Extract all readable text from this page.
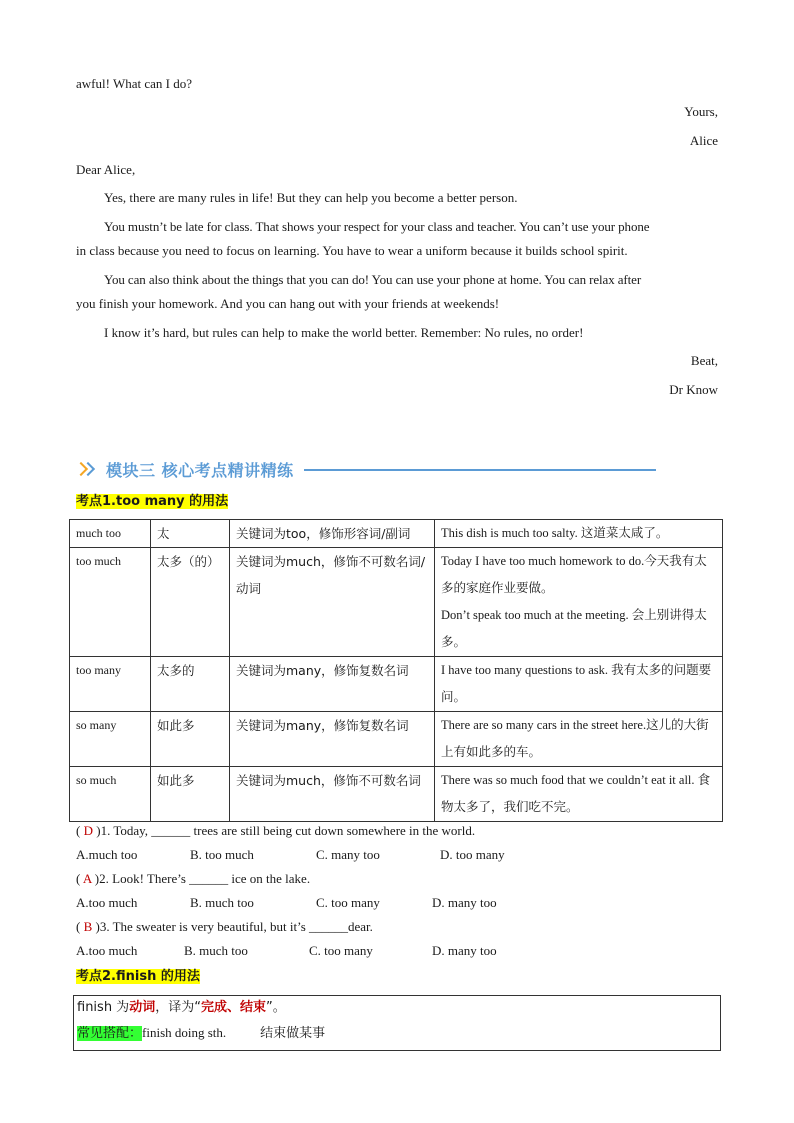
awful! What can I do?
Yours,
Alice
Dear Alice,
Yes, there are many rules in life! But they can help you become a better person.
You mustn’t be late for class. That shows your respect for your class and teacher. You can’t use your phone
in class because you need to focus on learning. You have to wear a uniform because it builds school spirit.
You can also think about the things that you can do! You can use your phone at home. You can relax after
you finish your homework. And you can hang out with your friends at weekends!
I know it’s hard, but rules can help to make the world better. Remember: No rules, no order!
Beat,
Dr Know
模块三 核心考点精讲精练
考点1.too many 的用法
much too	太	关键词为too，修饰形容词/副词	This dish is much too salty. 这道菜太咸了。
too much	太多（的）	关键词为much，修饰不可数名词/动词	Today I have too much homework to do.今天我有太多的家庭作业要做。
Don’t speak too much at the meeting. 会上别讲得太多。

too many	太多的	关键词为many，修饰复数名词	I have too many questions to ask. 我有太多的问题要问。
so many	如此多	关键词为many，修饰复数名词	There are so many cars in the street here.这儿的大街上有如此多的车。
so much	如此多	关键词为much，修饰不可数名词	There was so much food that we couldn’t eat it all. 食物太多了，我们吃不完。
( D )1. Today, ______ trees are still being cut down somewhere in the world.
A.much too	B. too much	C. many too	D. too many
( A )2. Look! There’s ______ ice on the lake.
A.too much	B. much too	C. too many	D. many too
( B )3. The sweater is very beautiful, but it’s ______dear.
A.too much	B. much too	C. too many	D. many too
考点2.finish 的用法
finish 为动词，译为“完成、结束”。
常见搭配：finish doing sth.	结束做某事
